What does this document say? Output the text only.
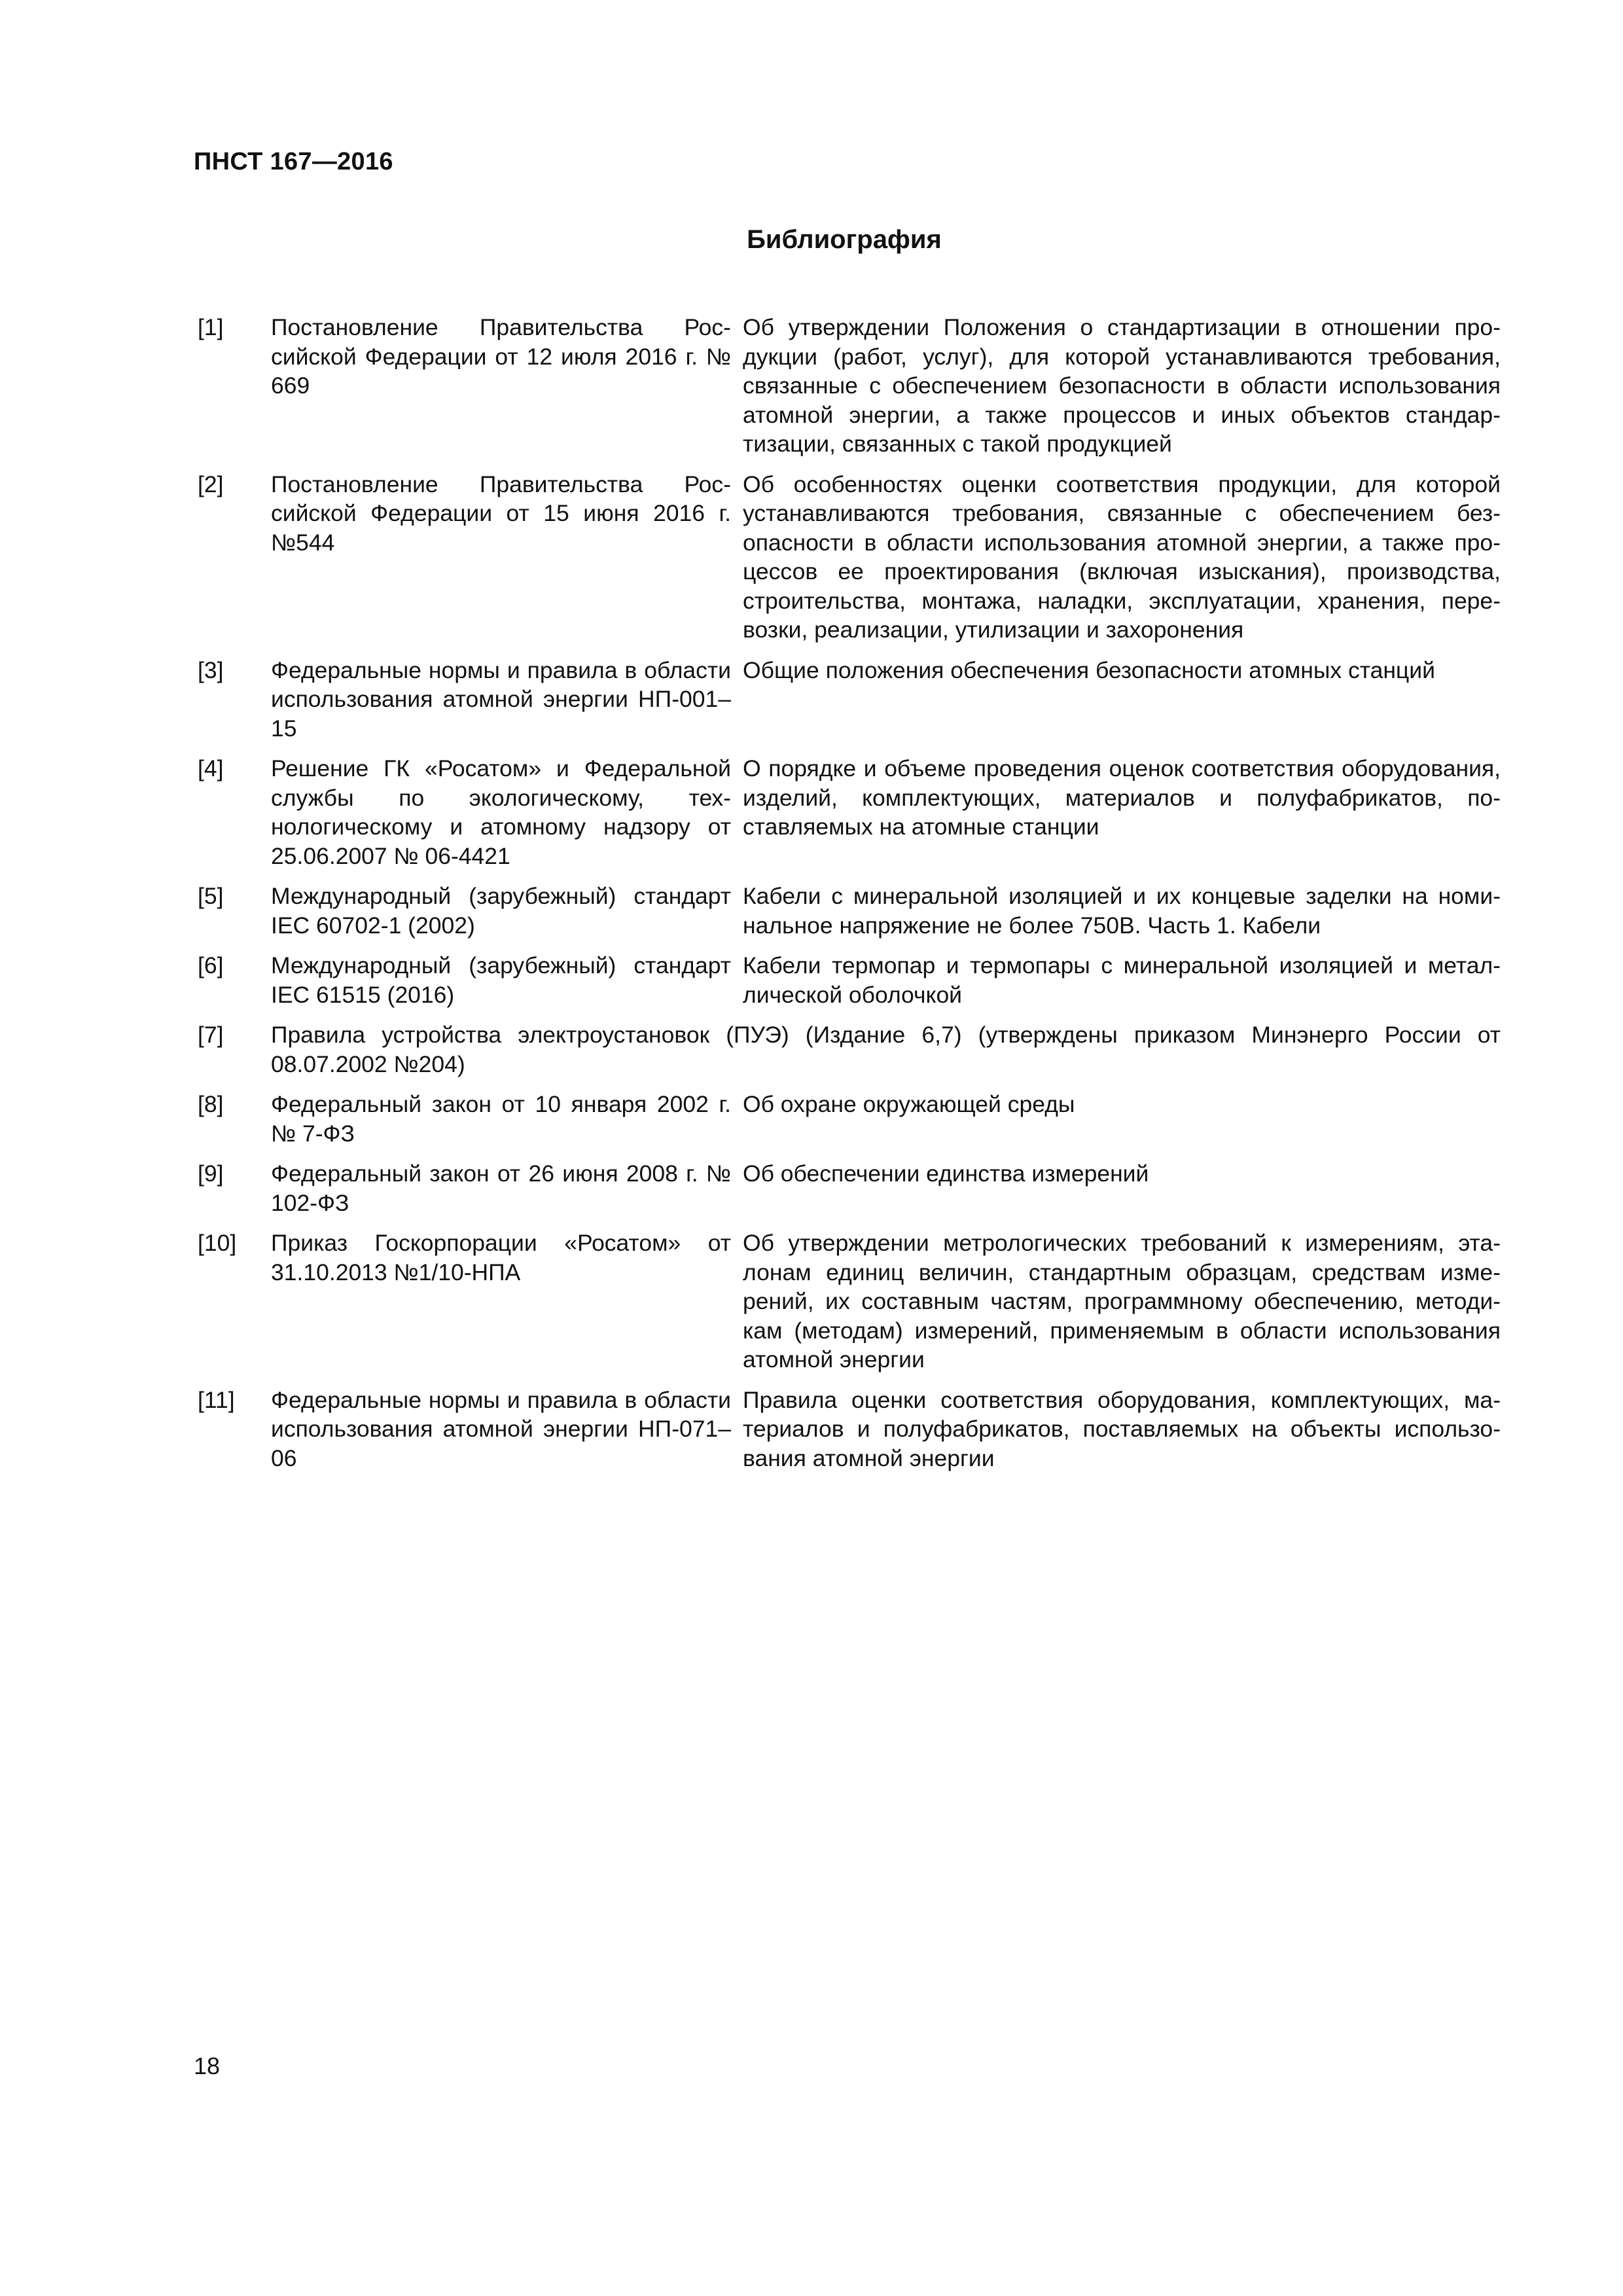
ПНСТ 167—2016
Библиография
[1]	Постановление Правительства Российской Федерации от 12 июля 2016 г. № 669
Об утверждении Положения о стандартизации в отношении продукции (работ, услуг), для которой устанавливаются требования, связанные с обеспечением безопасности в области использования атомной энергии, а также процессов и иных объектов стандартизации, связанных с такой продукцией
[2]	Постановление Правительства Российской Федерации от 15 июня 2016 г. №544
Об особенностях оценки соответствия продукции, для которой устанавливаются требования, связанные с обеспечением безопасности в области использования атомной энергии, а также процессов ее проектирования (включая изыскания), производства, строительства, монтажа, наладки, эксплуатации, хранения, перевозки, реализации, утилизации и захоронения
[3]	Федеральные нормы и правила в области использования атомной энергии НП-001–15
Общие положения обеспечения безопасности атомных станций
[4]	Решение ГК «Росатом» и Федеральной службы по экологическому, технологическому и атомному надзору от 25.06.2007 № 06-4421
О порядке и объеме проведения оценок соответствия оборудования, изделий, комплектующих, материалов и полуфабрикатов, поставляемых на атомные станции
[5]	Международный (зарубежный) стандарт IEC 60702-1 (2002)
Кабели с минеральной изоляцией и их концевые заделки на номинальное напряжение не более 750В. Часть 1. Кабели
[6]	Международный (зарубежный) стандарт IEC 61515 (2016)
Кабели термопар и термопары с минеральной изоляцией и металлической оболочкой
[7]	Правила устройства электроустановок (ПУЭ) (Издание 6,7) (утверждены приказом Минэнерго России от 08.07.2002 №204)
[8]	Федеральный закон от 10 января 2002 г. № 7-ФЗ
Об охране окружающей среды
[9]	Федеральный закон от 26 июня 2008 г. № 102-ФЗ
Об обеспечении единства измерений
[10]	Приказ Госкорпорации «Росатом» от 31.10.2013 №1/10-НПА
Об утверждении метрологических требований к измерениям, эталонам единиц величин, стандартным образцам, средствам измерений, их составным частям, программному обеспечению, методикам (методам) измерений, применяемым в области использования атомной энергии
[11]	Федеральные нормы и правила в области использования атомной энергии НП-071–06
Правила оценки соответствия оборудования, комплектующих, материалов и полуфабрикатов, поставляемых на объекты использования атомной энергии
18
